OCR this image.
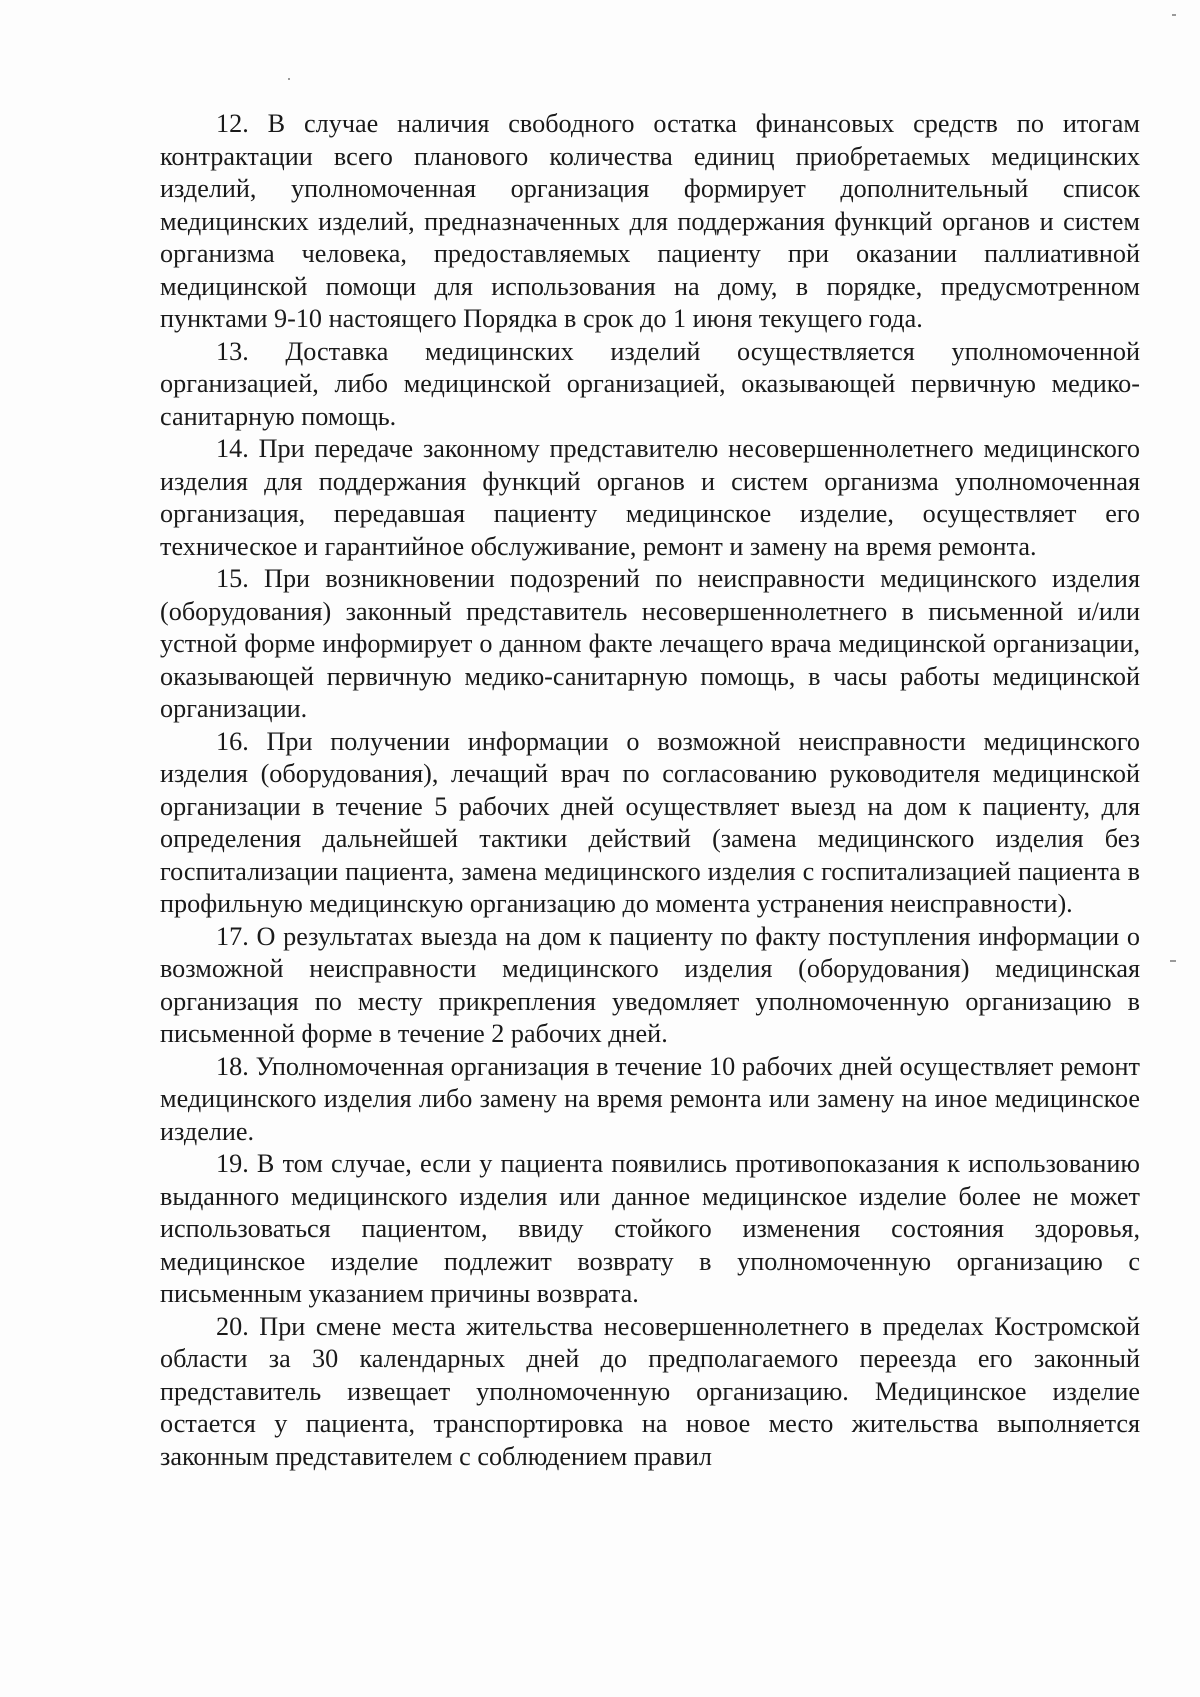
12. В случае наличия свободного остатка финансовых средств по итогам контрактации всего планового количества единиц приобретаемых медицинских изделий, уполномоченная организация формирует дополнительный список медицинских изделий, предназначенных для поддержания функций органов и систем организма человека, предоставляемых пациенту при оказании паллиативной медицинской помощи для использования на дому, в порядке, предусмотренном пунктами 9-10 настоящего Порядка в срок до 1 июня текущего года.

13. Доставка медицинских изделий осуществляется уполномоченной организацией, либо медицинской организацией, оказывающей первичную медико-санитарную помощь.

14. При передаче законному представителю несовершеннолетнего медицинского изделия для поддержания функций органов и систем организма уполномоченная организация, передавшая пациенту медицинское изделие, осуществляет его техническое и гарантийное обслуживание, ремонт и замену на время ремонта.

15. При возникновении подозрений по неисправности медицинского изделия (оборудования) законный представитель несовершеннолетнего в письменной и/или устной форме информирует о данном факте лечащего врача медицинской организации, оказывающей первичную медико-санитарную помощь, в часы работы медицинской организации.

16. При получении информации о возможной неисправности медицинского изделия (оборудования), лечащий врач по согласованию руководителя медицинской организации в течение 5 рабочих дней осуществляет выезд на дом к пациенту, для определения дальнейшей тактики действий (замена медицинского изделия без госпитализации пациента, замена медицинского изделия с госпитализацией пациента в профильную медицинскую организацию до момента устранения неисправности).

17. О результатах выезда на дом к пациенту по факту поступления информации о возможной неисправности медицинского изделия (оборудования) медицинская организация по месту прикрепления уведомляет уполномоченную организацию в письменной форме в течение 2 рабочих дней.

18. Уполномоченная организация в течение 10 рабочих дней осуществляет ремонт медицинского изделия либо замену на время ремонта или замену на иное медицинское изделие.

19. В том случае, если у пациента появились противопоказания к использованию выданного медицинского изделия или данное медицинское изделие более не может использоваться пациентом, ввиду стойкого изменения состояния здоровья, медицинское изделие подлежит возврату в уполномоченную организацию с письменным указанием причины возврата.

20. При смене места жительства несовершеннолетнего в пределах Костромской области за 30 календарных дней до предполагаемого переезда его законный представитель извещает уполномоченную организацию. Медицинское изделие остается у пациента, транспортировка на новое место жительства выполняется законным представителем с соблюдением правил
